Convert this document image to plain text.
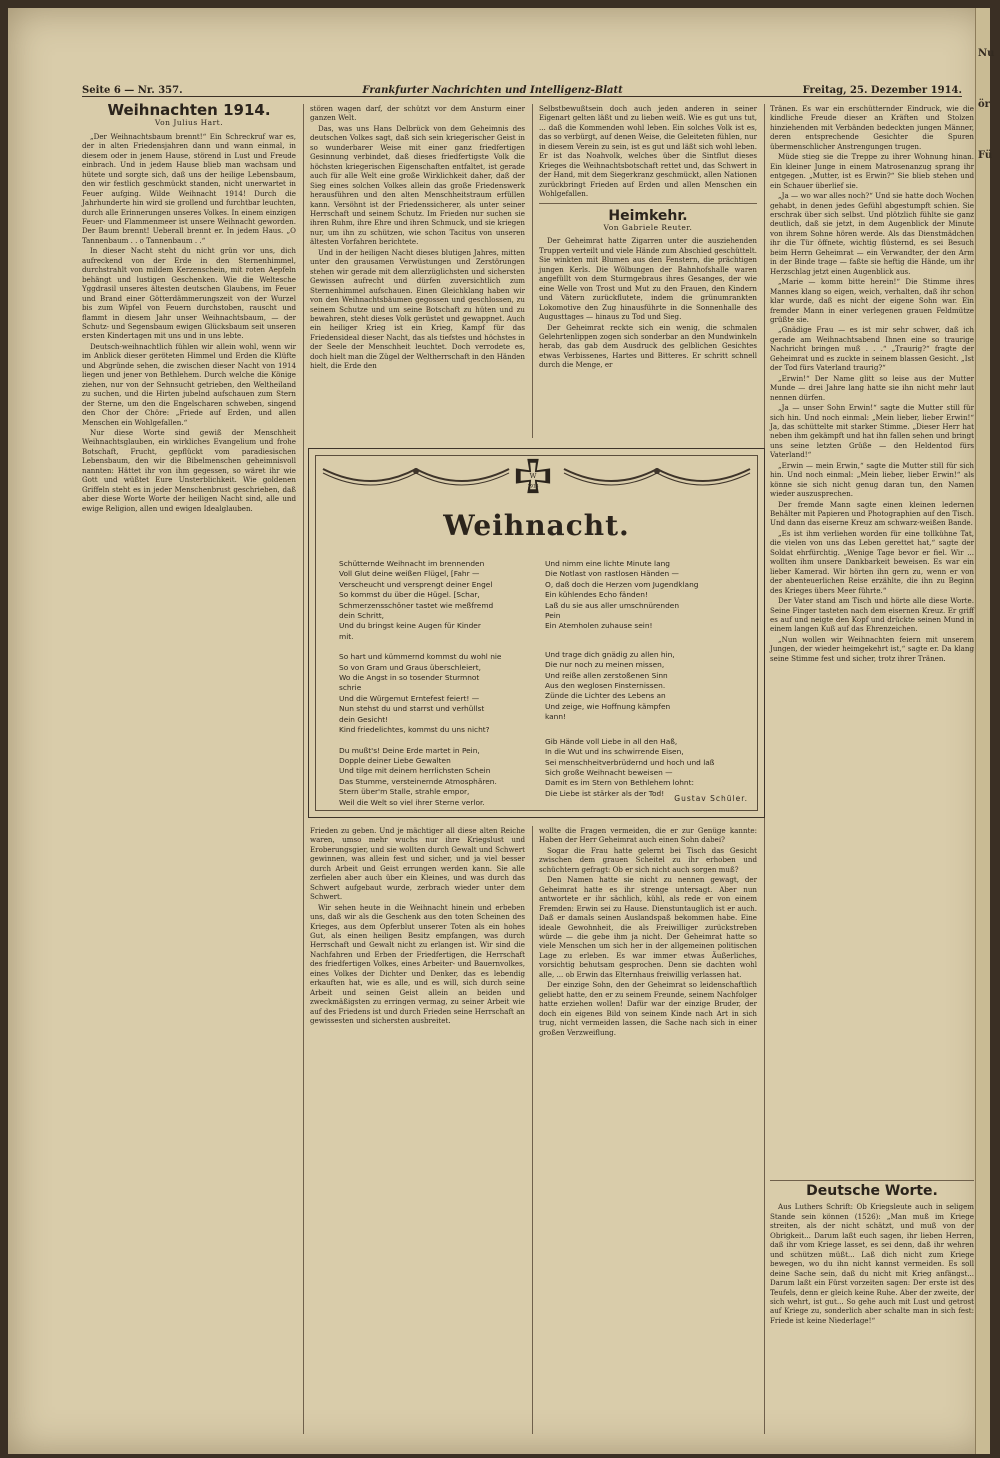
Nu
ör
Fü
Seite 6 — Nr. 357.	Frankfurter Nachrichten und Intelligenz-Blatt	Freitag, 25. Dezember 1914.
Weihnachten 1914.
Von Julius Hart.

„Der Weihnachtsbaum brennt!“ Ein Schreckruf war es, der in alten Friedensjahren dann und wann einmal, in diesem oder in jenem Hause, störend in Lust und Freude einbrach. Und in jedem Hause blieb man wachsam und hütete und sorgte sich, daß uns der heilige Lebensbaum, den wir festlich geschmückt standen, nicht unerwartet in Feuer aufging. Wilde Weihnacht 1914! Durch die Jahrhunderte hin wird sie grollend und furchtbar leuchten, durch alle Erinnerungen unseres Volkes. In einem einzigen Feuer- und Flammenmeer ist unsere Weihnacht geworden. Der Baum brennt! Ueberall brennt er. In jedem Haus. „O Tannenbaum . . o Tannenbaum . .“

In dieser Nacht steht du nicht grün vor uns, dich aufreckend von der Erde in den Sternenhimmel, durchstrahlt von mildem Kerzenschein, mit roten Aepfeln behängt und lustigen Geschenken. Wie die Weltesche Yggdrasil unseres ältesten deutschen Glaubens, im Feuer und Brand einer Götterdämmerungszeit von der Wurzel bis zum Wipfel von Feuern durchstoben, rauscht und flammt in diesem Jahr unser Weihnachtsbaum, — der Schutz- und Segensbaum ewigen Glücksbaum seit unseren ersten Kindertagen mit uns und in uns lebte.

Deutsch-weihnachtlich fühlen wir allein wohl, wenn wir im Anblick dieser geröteten Himmel und Erden die Klüfte und Abgründe sehen, die zwischen dieser Nacht von 1914 liegen und jener von Bethlehem. Durch welche die Könige ziehen, nur von der Sehnsucht getrieben, den Weltheiland zu suchen, und die Hirten jubelnd aufschauen zum Stern der Sterne, um den die Engelscharen schweben, singend den Chor der Chöre: „Friede auf Erden, und allen Menschen ein Wohlgefallen.“

Nur diese Worte sind gewiß der Menschheit Weihnachtsglauben, ein wirkliches Evangelium und frohe Botschaft, Frucht, gepflückt vom paradiesischen Lebensbaum, den wir die Bibelmenschen geheimnisvoll nannten: Hättet ihr von ihm gegessen, so wäret ihr wie Gott und wüßtet Eure Unsterblichkeit. Wie goldenen Griffeln steht es in jeder Menschenbrust geschrieben, daß aber diese Worte Worte der heiligen Nacht sind, alle und ewige Religion, allen und ewigen Idealglauben.

stören wagen darf, der schützt vor dem Ansturm einer ganzen Welt.

Das, was uns Hans Delbrück von dem Geheimnis des deutschen Volkes sagt, daß sich sein kriegerischer Geist in so wunderbarer Weise mit einer ganz friedfertigen Gesinnung verbindet, daß dieses friedfertigste Volk die höchsten kriegerischen Eigenschaften entfaltet, ist gerade auch für alle Welt eine große Wirklichkeit daher, daß der Sieg eines solchen Volkes allein das große Friedenswerk herausführen und den alten Menschheitstraum erfüllen kann. Versöhnt ist der Friedenssicherer, als unter seiner Herrschaft und seinem Schutz. Im Frieden nur suchen sie ihren Ruhm, ihre Ehre und ihren Schmuck, und sie kriegen nur, um ihn zu schützen, wie schon Tacitus von unseren ältesten Vorfahren berichtete.

Und in der heiligen Nacht dieses blutigen Jahres, mitten unter den grausamen Verwüstungen und Zerstörungen stehen wir gerade mit dem allerzüglichsten und sichersten Gewissen aufrecht und dürfen zuversichtlich zum Sternenhimmel aufschauen. Einen Gleichklang haben wir von den Weihnachtsbäumen gegossen und geschlossen, zu seinem Schutze und um seine Botschaft zu hüten und zu bewahren, steht dieses Volk gerüstet und gewappnet. Auch ein heiliger Krieg ist ein Krieg, Kampf für das Friedensideal dieser Nacht, das als tiefstes und höchstes in der Seele der Menschheit leuchtet. Doch verrodete es, doch hielt man die Zügel der Weltherrschaft in den Händen hielt, die Erde den

Selbstbewußtsein doch auch jeden anderen in seiner Eigenart gelten läßt und zu lieben weiß. Wie es gut uns tut, ... daß die Kommenden wohl leben. Ein solches Volk ist es, das so verbürgt, auf denen Weise, die Geleiteten fühlen, nur in diesem Verein zu sein, ist es gut und läßt sich wohl leben. Er ist das Noahvolk, welches über die Sintflut dieses Krieges die Weihnachtsbotschaft rettet und, das Schwert in der Hand, mit dem Siegerkranz geschmückt, allen Nationen zurückbringt Frieden auf Erden und allen Menschen ein Wohlgefallen.

Heimkehr.
Von Gabriele Reuter.

Der Geheimrat hatte Zigarren unter die ausziehenden Truppen verteilt und viele Hände zum Abschied geschüttelt. Sie winkten mit Blumen aus den Fenstern, die prächtigen jungen Kerls. Die Wölbungen der Bahnhofshalle waren angefüllt von dem Sturmgebraus ihres Gesanges, der wie eine Welle von Trost und Mut zu den Frauen, den Kindern und Vätern zurückflutete, indem die grünumrankten Lokomotive den Zug hinausführte in die Sonnenhalle des Augusttages — hinaus zu Tod und Sieg.

Der Geheimrat reckte sich ein wenig, die schmalen Gelehrtenlippen zogen sich sonderbar an den Mundwinkeln herab, das gab dem Ausdruck des gelblichen Gesichtes etwas Verbissenes, Hartes und Bitteres. Er schritt schnell durch die Menge, er

Tränen. Es war ein erschütternder Eindruck, wie die kindliche Freude dieser an Kräften und Stolzen hinziehenden mit Verbänden bedeckten jungen Männer, deren entsprechende Gesichter die Spuren übermenschlicher Anstrengungen trugen.

Müde stieg sie die Treppe zu ihrer Wohnung hinan. Ein kleiner Junge in einem Matrosenanzug sprang ihr entgegen. „Mutter, ist es Erwin?“ Sie blieb stehen und ein Schauer überlief sie.

„Ja — wo war alles noch?“ Und sie hatte doch Wochen gehabt, in denen jedes Gefühl abgestumpft schien. Sie erschrak über sich selbst. Und plötzlich fühlte sie ganz deutlich, daß sie jetzt, in dem Augenblick der Minute von ihrem Sohne hören werde. Als das Dienstmädchen ihr die Tür öffnete, wichtig flüsternd, es sei Besuch beim Herrn Geheimrat — ein Verwandter, der den Arm in der Binde trage — faßte sie heftig die Hände, um ihr Herzschlag jetzt einen Augenblick aus.

„Marie — komm bitte herein!“ Die Stimme ihres Mannes klang so eigen, weich, verhalten, daß ihr schon klar wurde, daß es nicht der eigene Sohn war. Ein fremder Mann in einer verlegenen grauen Feldmütze grüßte sie.

„Gnädige Frau — es ist mir sehr schwer, daß ich gerade am Weihnachtsabend Ihnen eine so traurige Nachricht bringen muß . . .“ „Traurig?“ fragte der Geheimrat und es zuckte in seinem blassen Gesicht. „Ist der Tod fürs Vaterland traurig?“

„Erwin!“ Der Name glitt so leise aus der Mutter Munde — drei Jahre lang hatte sie ihn nicht mehr laut nennen dürfen.

„Ja — unser Sohn Erwin!“ sagte die Mutter still für sich hin. Und noch einmal: „Mein lieber, lieber Erwin!“ Ja, das schüttelte mit starker Stimme. „Dieser Herr hat neben ihm gekämpft und hat ihn fallen sehen und bringt uns seine letzten Grüße — den Heldentod fürs Vaterland!“

„Erwin — mein Erwin,“ sagte die Mutter still für sich hin. Und noch einmal: „Mein lieber, lieber Erwin!“ als könne sie sich nicht genug daran tun, den Namen wieder auszusprechen.

Der fremde Mann sagte einen kleinen ledernen Behälter mit Papieren und Photographien auf den Tisch. Und dann das eiserne Kreuz am schwarz-weißen Bande.

„Es ist ihm verliehen worden für eine tollkühne Tat, die vielen von uns das Leben gerettet hat,“ sagte der Soldat ehrfürchtig. „Wenige Tage bevor er fiel. Wir ... wollten ihm unsere Dankbarkeit beweisen. Es war ein lieber Kamerad. Wir hörten ihn gern zu, wenn er von der abenteuerlichen Reise erzählte, die ihn zu Beginn des Krieges übers Meer führte.“

Der Vater stand am Tisch und hörte alle diese Worte. Seine Finger tasteten nach dem eisernen Kreuz. Er griff es auf und neigte den Kopf und drückte seinen Mund in einem langen Kuß auf das Ehrenzeichen.

„Nun wollen wir Weihnachten feiern mit unserem Jungen, der wieder heimgekehrt ist,“ sagte er. Da klang seine Stimme fest und sicher, trotz ihrer Tränen.

Deutsche Worte.

Aus Luthers Schrift: Ob Kriegsleute auch in seligem Stande sein können (1526): „Man muß im Kriege streiten, als der nicht schätzt, und muß von der Obrigkeit... Darum laßt euch sagen, ihr lieben Herren, daß ihr vom Kriege lasset, es sei denn, daß ihr wehren und schützen müßt... Laß dich nicht zum Kriege bewegen, wo du ihn nicht kannst vermeiden. Es soll deine Sache sein, daß du nicht mit Krieg anfängst... Darum laßt ein Fürst vorzeiten sagen: Der erste ist des Teufels, denn er gleich keine Ruhe. Aber der zweite, der sich wehrt, ist gut... So gehe auch mit Lust und getrost auf Kriege zu, sonderlich aber schalte man in sich fest: Friede ist keine Niederlage!“

W
1914
Weihnacht.
Schütternde Weihnacht im brennenden
Voll Glut deine weißen Flügel, [Fahr —
Verscheucht und versprengt deiner Engel
So kommst du über die Hügel. [Schar,
Schmerzensschöner tastet wie meßfremd
dein Schritt,
Und du bringst keine Augen für Kinder
mit.
So hart und kümmernd kommst du wohl nie
So von Gram und Graus überschleiert,
Wo die Angst in so tosender Sturmnot
schrie
Und die Würgemut Erntefest feiert! —
Nun stehst du und starrst und verhüllst
dein Gesicht!
Kind friedelichtes, kommst du uns nicht?
Du mußt's! Deine Erde martet in Pein,
Dopple deiner Liebe Gewalten
Und tilge mit deinem herrlichsten Schein
Das Stumme, versteinernde Atmosphären.
Stern über'm Stalle, strahle empor,
Weil die Welt so viel ihrer Sterne verlor.
Und nimm eine lichte Minute lang
Die Notlast von rastlosen Händen —
O, daß doch die Herzen vom Jugendklang
Ein kühlendes Echo fänden!
Laß du sie aus aller umschnürenden
Pein
Ein Atemholen zuhause sein!
Und trage dich gnädig zu allen hin,
Die nur noch zu meinen missen,
Und reiße allen zerstoßenen Sinn
Aus den weglosen Finsternissen.
Zünde die Lichter des Lebens an
Und zeige, wie Hoffnung kämpfen
kann!
Gib Hände voll Liebe in all den Haß,
In die Wut und ins schwirrende Eisen,
Sei menschheitverbrüdernd und hoch und laß
Sich große Weihnacht beweisen —
Damit es im Stern von Bethlehem lohnt:
Die Liebe ist stärker als der Tod!
Gustav Schüler.

Frieden zu geben. Und je mächtiger all diese alten Reiche waren, umso mehr wuchs nur ihre Kriegslust und Eroberungsgier, und sie wollten durch Gewalt und Schwert gewinnen, was allein fest und sicher, und ja viel besser durch Arbeit und Geist errungen werden kann. Sie alle zerfielen aber auch über ein Kleines, und was durch das Schwert aufgebaut wurde, zerbrach wieder unter dem Schwert.

Wir sehen heute in die Weihnacht hinein und erbeben uns, daß wir als die Geschenk aus den toten Scheinen des Krieges, aus dem Opferblut unserer Toten als ein hohes Gut, als einen heiligen Besitz empfangen, was durch Herrschaft und Gewalt nicht zu erlangen ist. Wir sind die Nachfahren und Erben der Friedfertigen, die Herrschaft des friedfertigen Volkes, eines Arbeiter- und Bauernvolkes, eines Volkes der Dichter und Denker, das es lebendig erkauften hat, wie es alle, und es will, sich durch seine Arbeit und seinen Geist allein an beiden und zweckmäßigsten zu erringen vermag, zu seiner Arbeit wie auf des Friedens ist und durch Frieden seine Herrschaft an gewissesten und sichersten ausbreitet.

wollte die Fragen vermeiden, die er zur Genüge kannte: Haben der Herr Geheimrat auch einen Sohn dabei?

Sogar die Frau hatte gelernt bei Tisch das Gesicht zwischen dem grauen Scheitel zu ihr erhoben und schüchtern gefragt: Ob er sich nicht auch sorgen muß?

Den Namen hatte sie nicht zu nennen gewagt, der Geheimrat hatte es ihr strenge untersagt. Aber nun antwortete er ihr sächlich, kühl, als rede er von einem Fremden: Erwin sei zu Hause. Dienstuntauglich ist er auch. Daß er damals seinen Auslandspaß bekommen habe. Eine ideale Gewohnheit, die als Freiwilliger zurückstreben würde — die gebe ihm ja nicht. Der Geheimrat hatte so viele Menschen um sich her in der allgemeinen politischen Lage zu erleben. Es war immer etwas Äußerliches, vorsichtig behutsam gesprochen. Denn sie dachten wohl alle, ... ob Erwin das Elternhaus freiwillig verlassen hat.

Der einzige Sohn, den der Geheimrat so leidenschaftlich geliebt hatte, den er zu seinem Freunde, seinem Nachfolger hatte erziehen wollen! Dafür war der einzige Bruder, der doch ein eigenes Bild von seinem Kinde nach Art in sich trug, nicht vermeiden lassen, die Sache nach sich in einer großen Verzweiflung.
